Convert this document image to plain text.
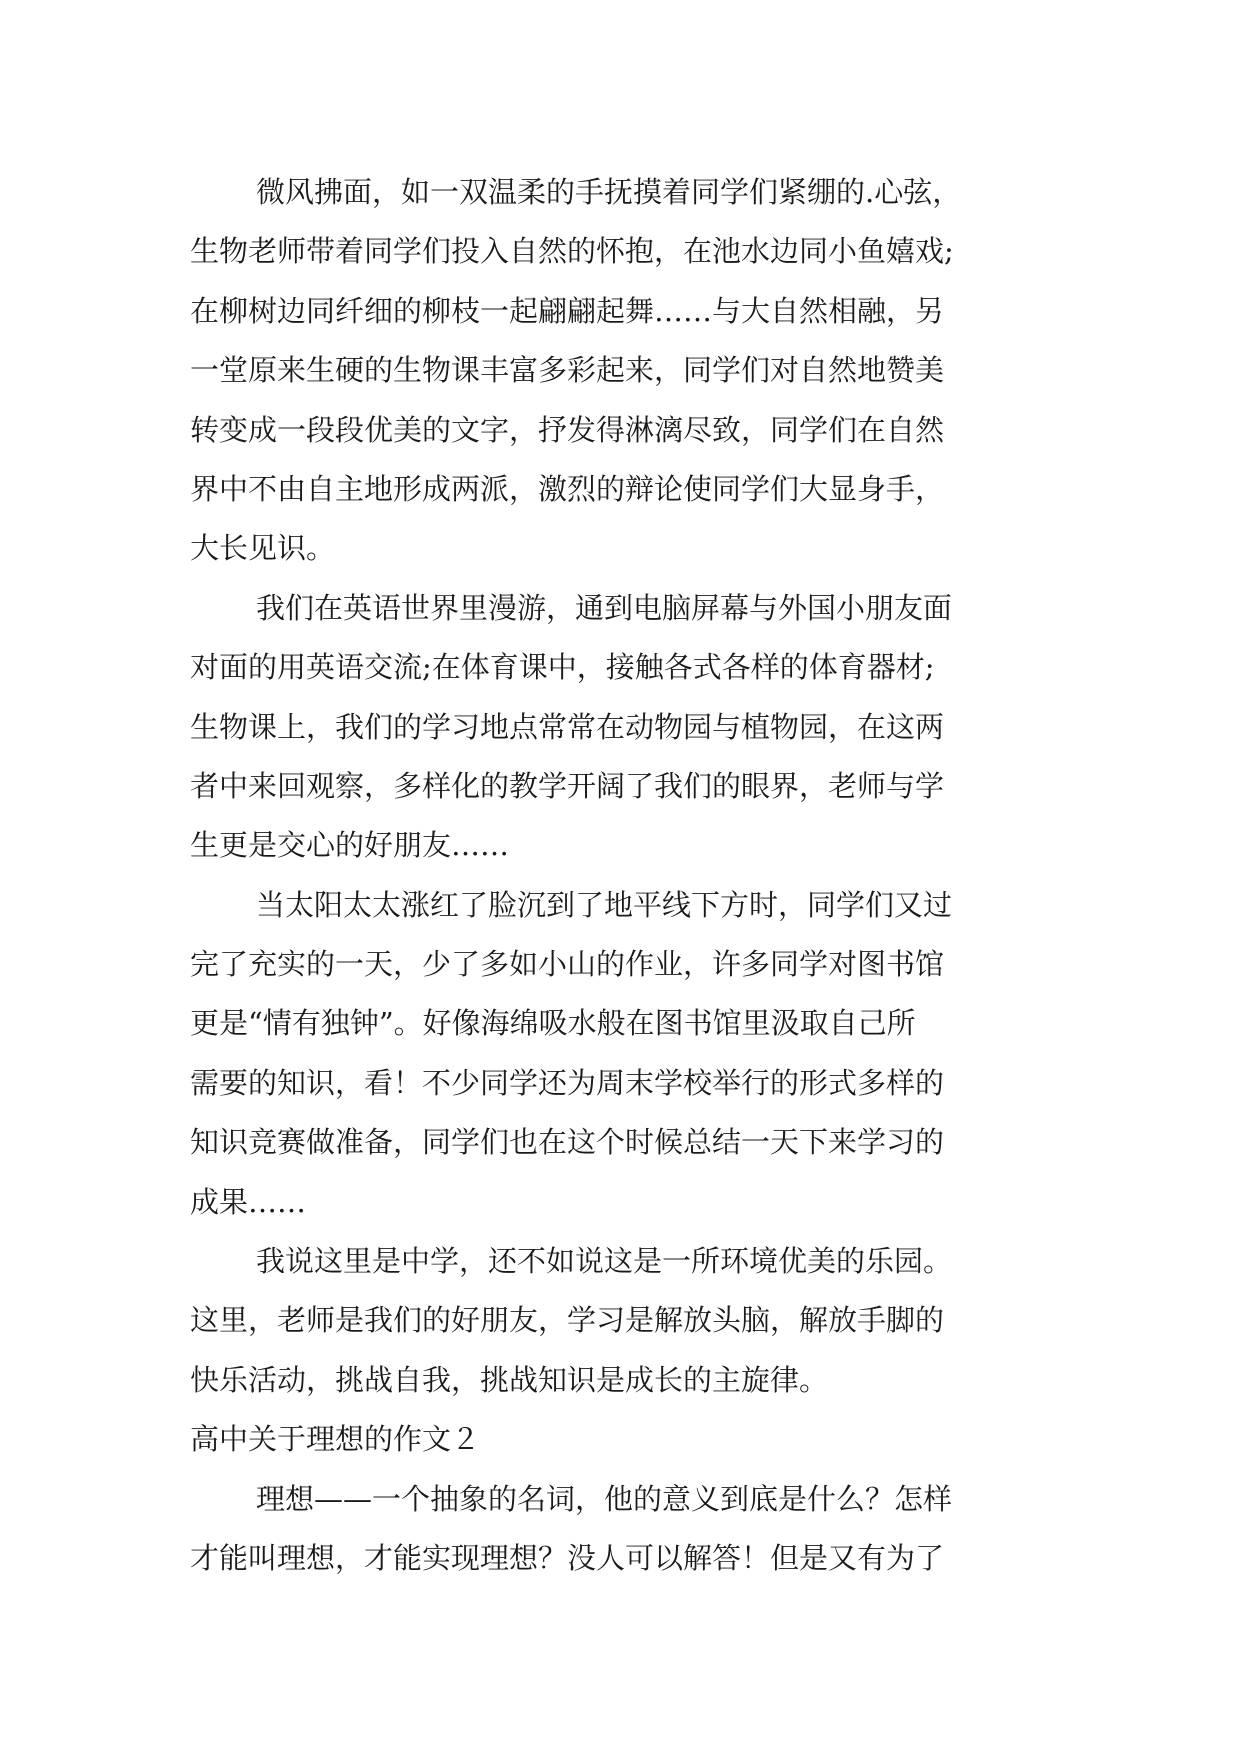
微风拂面，如一双温柔的手抚摸着同学们紧绷的.心弦，
生物老师带着同学们投入自然的怀抱，在池水边同小鱼嬉戏;
在柳树边同纤细的柳枝一起翩翩起舞……与大自然相融，另
一堂原来生硬的生物课丰富多彩起来，同学们对自然地赞美
转变成一段段优美的文字，抒发得淋漓尽致，同学们在自然
界中不由自主地形成两派，激烈的辩论使同学们大显身手，
大长见识。
我们在英语世界里漫游，通到电脑屏幕与外国小朋友面
对面的用英语交流;在体育课中，接触各式各样的体育器材;
生物课上，我们的学习地点常常在动物园与植物园，在这两
者中来回观察，多样化的教学开阔了我们的眼界，老师与学
生更是交心的好朋友……
当太阳太太涨红了脸沉到了地平线下方时，同学们又过
完了充实的一天，少了多如小山的作业，许多同学对图书馆
更是“情有独钟”。好像海绵吸水般在图书馆里汲取自己所
需要的知识，看！不少同学还为周末学校举行的形式多样的
知识竞赛做准备，同学们也在这个时候总结一天下来学习的
成果……
我说这里是中学，还不如说这是一所环境优美的乐园。
这里，老师是我们的好朋友，学习是解放头脑，解放手脚的
快乐活动，挑战自我，挑战知识是成长的主旋律。
高中关于理想的作文２
理想——一个抽象的名词，他的意义到底是什么？怎样
才能叫理想，才能实现理想？没人可以解答！但是又有为了
